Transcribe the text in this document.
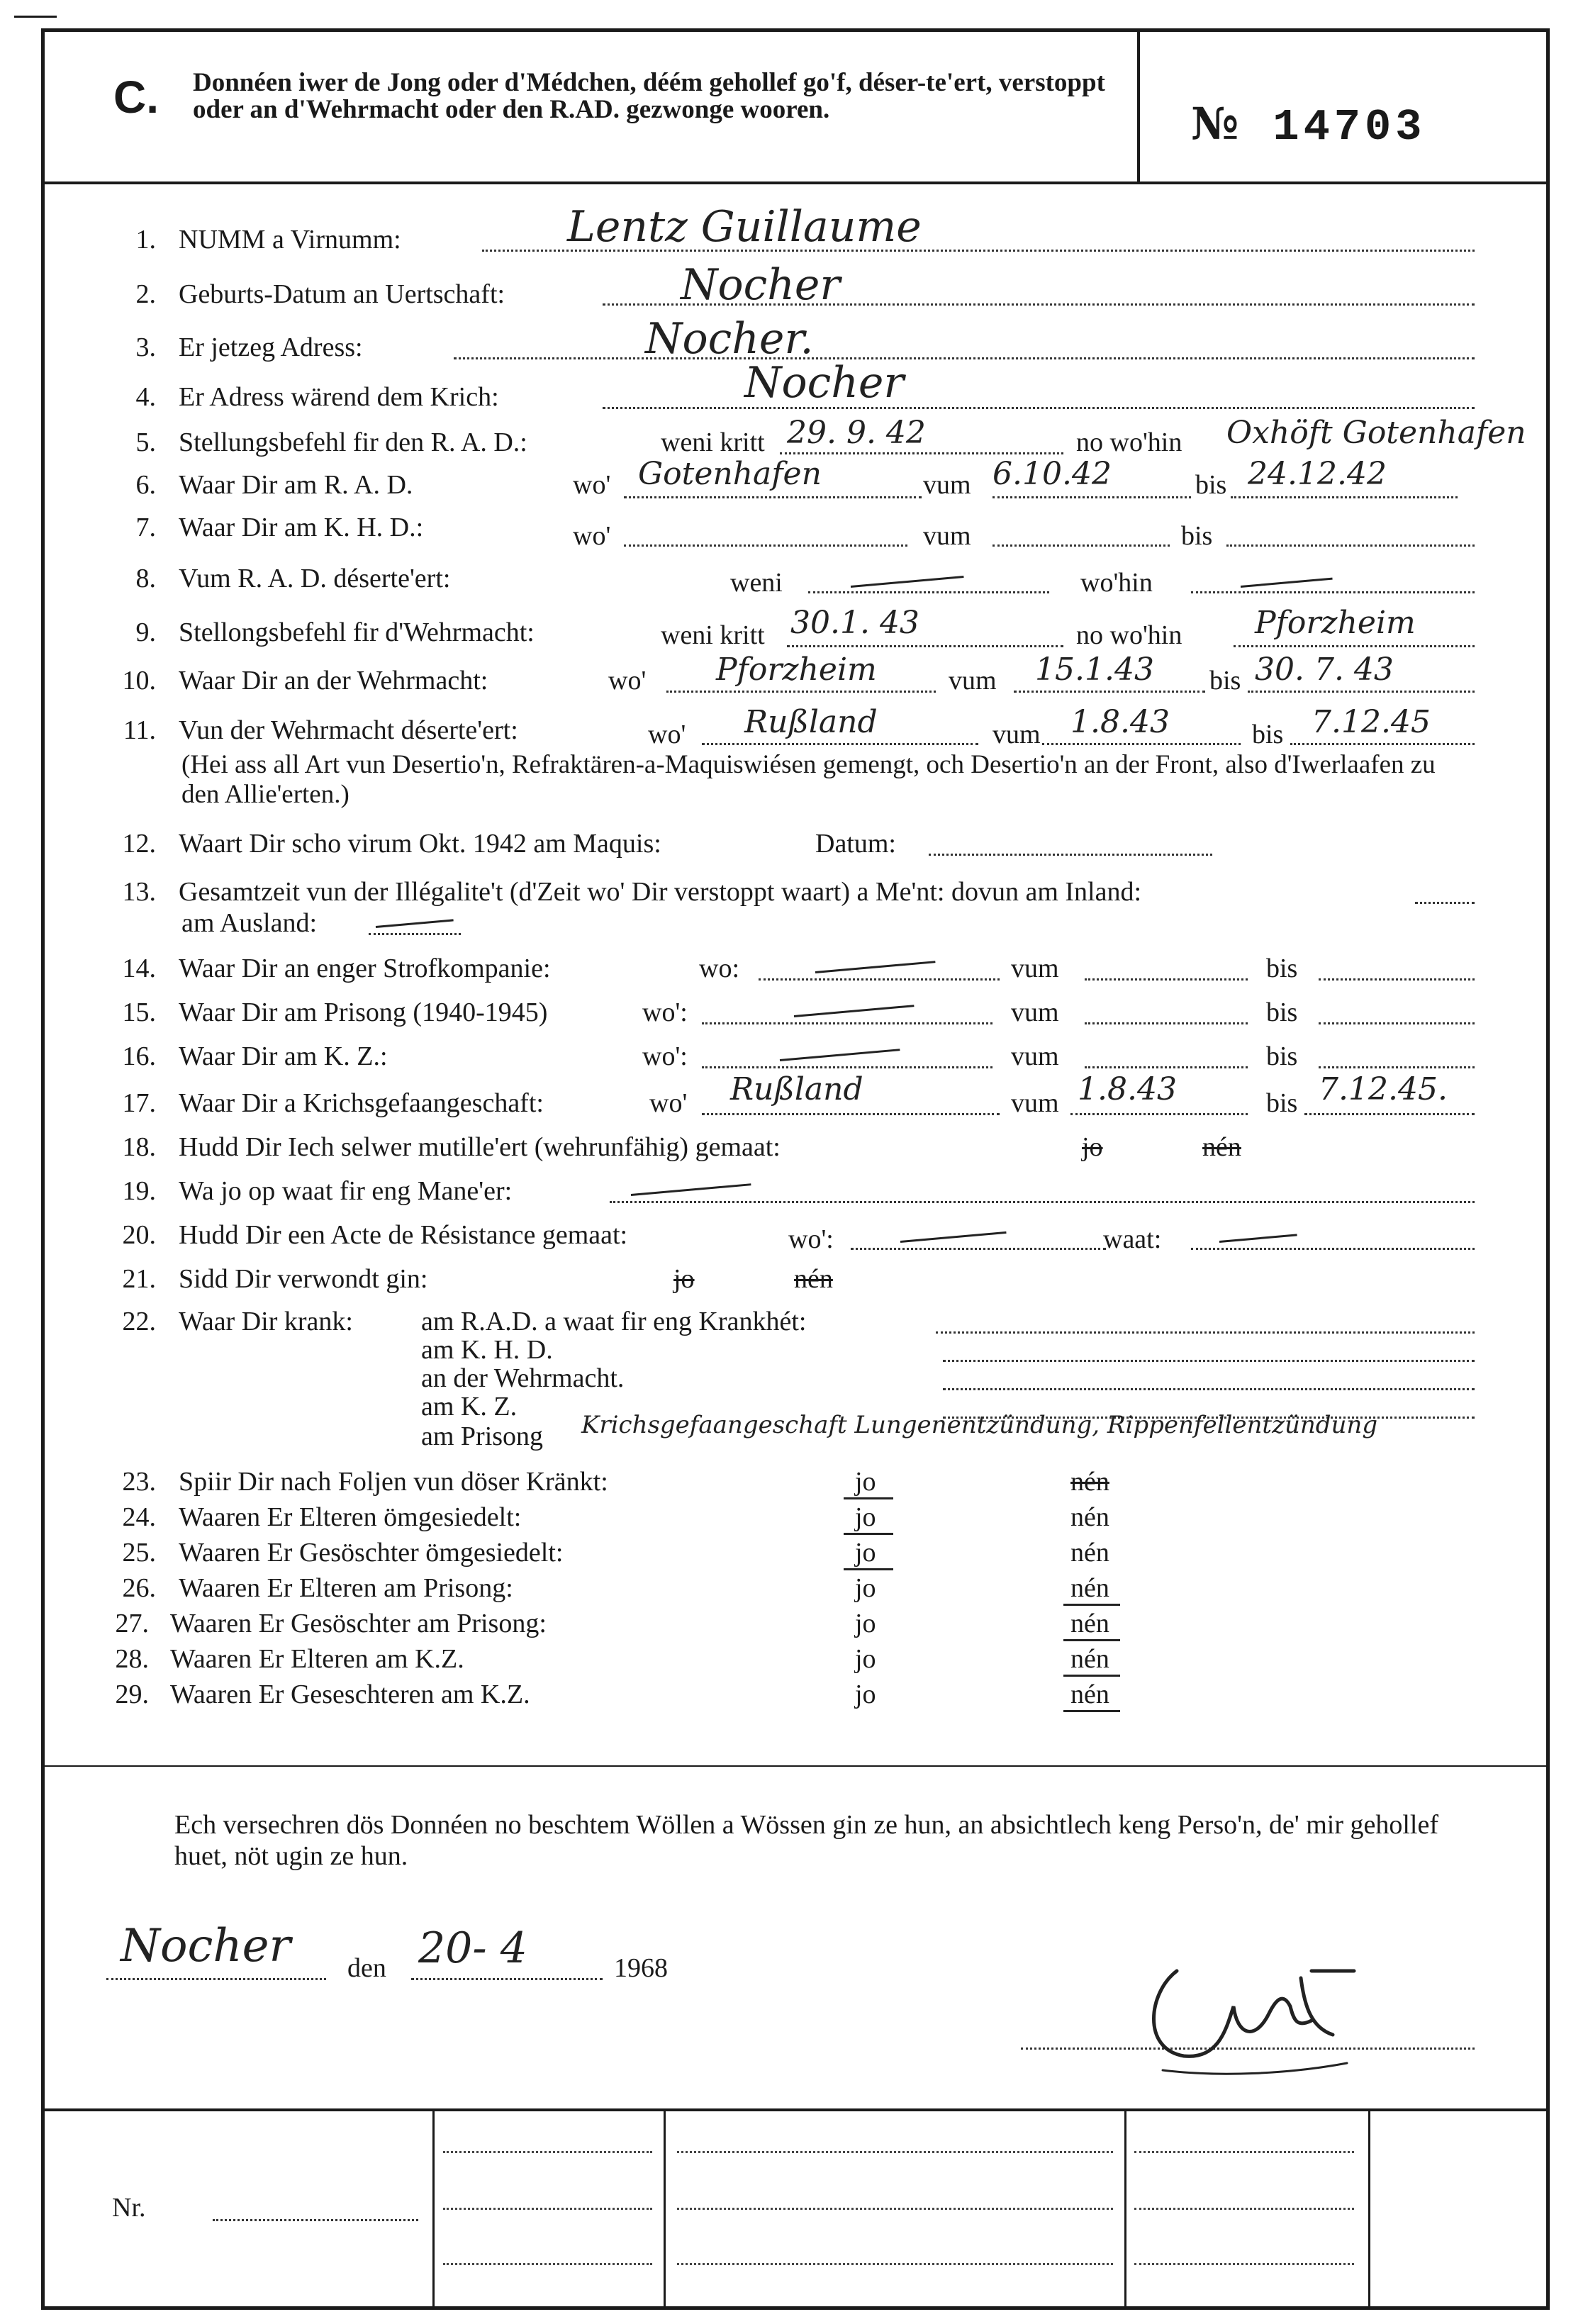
C. Donnéen iwer de Jong oder d'Médchen, déém gehollef go'f, déser-te'ert, verstoppt oder an d'Wehrmacht oder den R.AD. gezwonge wooren.	№ 14703
1. NUMM a Virnumm:	Lentz Guillaume
2. Geburts-Datum an Uertschaft:	Nocher
3. Er jetzeg Adress:	Nocher.
4. Er Adress wärend dem Krich:	Nocher
5. Stellungsbefehl fir den R. A. D.:	weni kritt 29. 9. 42	no wo'hin Oxhöft Gotenhafen
6. Waar Dir am R. A. D.	wo' Gotenhafen	vum 6.10.42	bis 24.12.42
7. Waar Dir am K. H. D.:	wo'	vum	bis
8. Vum R. A. D. déserte'ert:	weni	wo'hin
9. Stellongsbefehl fir d'Wehrmacht:	weni kritt 30.1. 43	no wo'hin Pforzheim
10. Waar Dir an der Wehrmacht:	wo' Pforzheim	vum 15.1.43 bis 30. 7. 43
11. Vun der Wehrmacht déserte'ert:	wo' Rußland	vum 1.8.43	bis 7.12.45
(Hei ass all Art vun Desertio'n, Refraktären-a-Maquiswiésen gemengt, och Desertio'n an der Front, also d'Iwerlaafen zu den Allie'erten.)
12. Waart Dir scho virum Okt. 1942 am Maquis:	Datum:
13. Gesamtzeit vun der Illégalite't (d'Zeit wo' Dir verstoppt waart) a Me'nt: dovun am Inland:
am Ausland:
14. Waar Dir an enger Strofkompanie:	wo:	vum	bis
15. Waar Dir am Prisong (1940-1945)	wo':	vum	bis
16. Waar Dir am K. Z.:	wo':	vum	bis
17. Waar Dir a Krichsgefaangeschaft:	wo' Rußland	vum 1.8.43	bis 7.12.45.
18. Hudd Dir Iech selwer mutille'ert (wehrunfähig) gemaat:	jo	nén
19. Wa jo op waat fir eng Mane'er:
20. Hudd Dir een Acte de Résistance gemaat:	wo':	waat:
21. Sidd Dir verwondt gin:	jo	nén
22. Waar Dir krank:	am R.A.D. a waat fir eng Krankhét:
am K. H. D.
an der Wehrmacht.
am K. Z.
am Prisong Krichsgefaangeschaft Lungenentzündung, Rippenfellentzündung
23. Spiir Dir nach Foljen vun döser Kränkt:	jo	nén
24. Waaren Er Elteren ömgesiedelt:	jo	nén
25. Waaren Er Gesöschter ömgesiedelt:	jo	nén
26. Waaren Er Elteren am Prisong:	jo	nén
27. Waaren Er Gesöschter am Prisong:	jo	nén
28. Waaren Er Elteren am K.Z.	jo	nén
29. Waaren Er Geseschteren am K.Z.	jo	nén
Ech versechren dös Donnéen no beschtem Wöllen a Wössen gin ze hun, an absichtlech keng Perso'n, de' mir gehollef huet, nöt ugin ze hun.
Nocher den 20- 4	1968
Nr.
